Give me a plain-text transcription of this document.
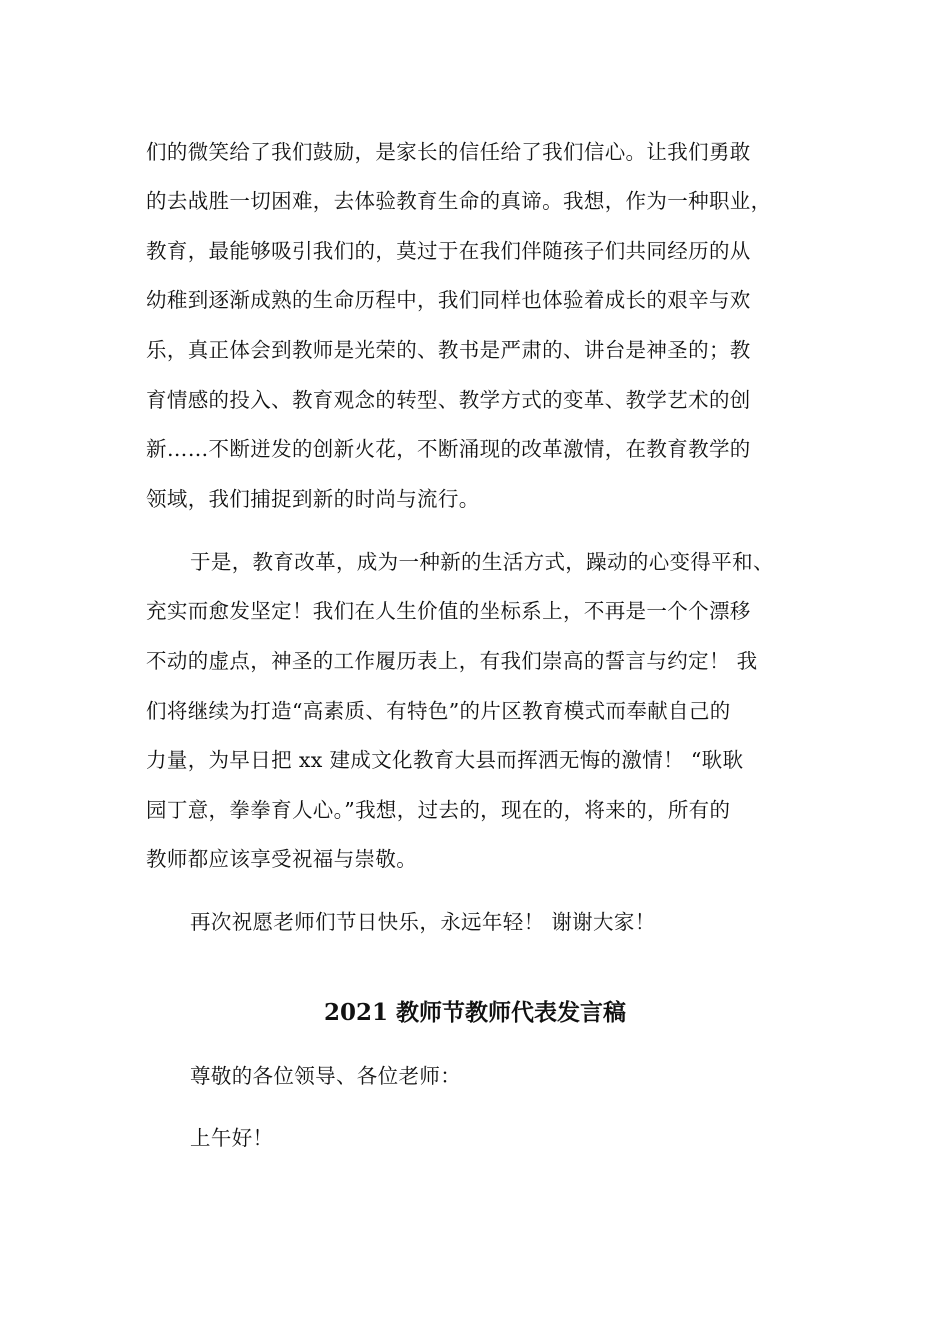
们的微笑给了我们鼓励，是家长的信任给了我们信心。让我们勇敢
的去战胜一切困难，去体验教育生命的真谛。我想，作为一种职业，
教育，最能够吸引我们的，莫过于在我们伴随孩子们共同经历的从
幼稚到逐渐成熟的生命历程中，我们同样也体验着成长的艰辛与欢
乐，真正体会到教师是光荣的、教书是严肃的、讲台是神圣的；教
育情感的投入、教育观念的转型、教学方式的变革、教学艺术的创
新……不断迸发的创新火花，不断涌现的改革激情，在教育教学的
领域，我们捕捉到新的时尚与流行。
于是，教育改革，成为一种新的生活方式，躁动的心变得平和、
充实而愈发坚定！我们在人生价值的坐标系上，不再是一个个漂移
不动的虚点，神圣的工作履历表上，有我们崇高的誓言与约定！ 我
们将继续为打造“高素质、有特色”的片区教育模式而奉献自己的
力量，为早日把 xx 建成文化教育大县而挥洒无悔的激情！ “耿耿
园丁意，拳拳育人心。”我想，过去的，现在的，将来的，所有的
教师都应该享受祝福与崇敬。
再次祝愿老师们节日快乐，永远年轻！ 谢谢大家！
2021 教师节教师代表发言稿
尊敬的各位领导、各位老师：
上午好！
